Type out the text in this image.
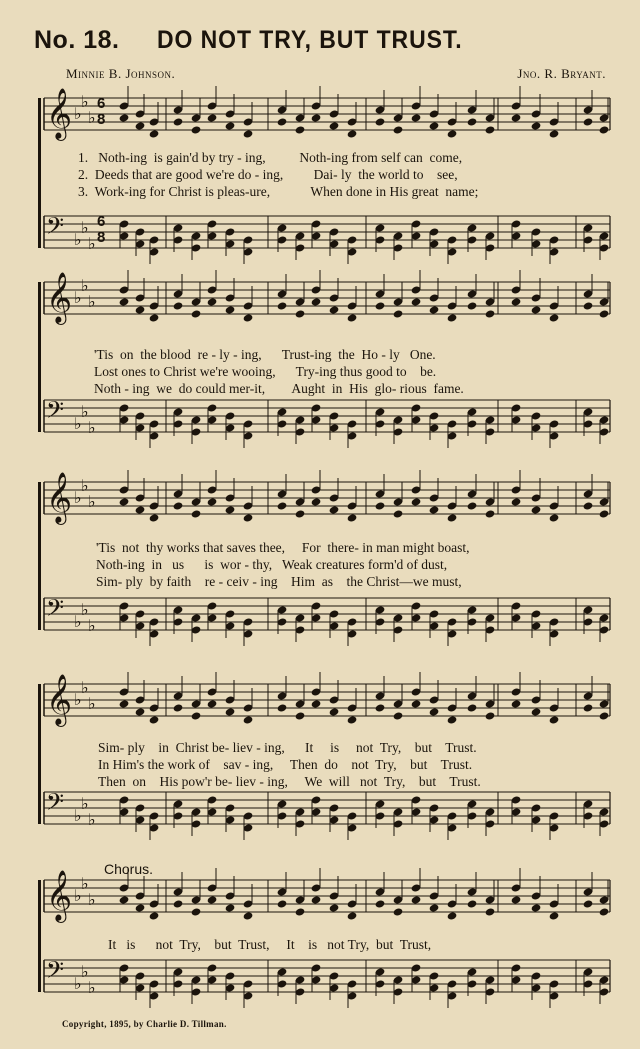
No. 18. DO NOT TRY, BUT TRUST.
Minnie B. Johnson.	Jno. R. Bryant.
𝄞 ♭
♭
♭
𝄢 ♭
♭
♭
1.   Noth-ing  is gain'd by try - ing,          Noth-ing from self can  come,
2.  Deeds that are good we're do - ing,         Dai- ly  the world to    see,
3.  Work-ing for Christ is pleas-ure,            When done in His great  name;
𝄞 ♭
♭
♭
𝄢 ♭
♭
♭
'Tis  on  the blood  re - ly - ing,      Trust-ing  the  Ho - ly   One.
Lost ones to Christ we're wooing,      Try-ing thus good to    be.
Noth - ing  we  do could mer-it,        Aught  in  His  glo- rious  fame.
𝄞 ♭
♭
♭
𝄢 ♭
♭
♭
'Tis  not  thy works that saves thee,     For  there- in man might boast,
Noth-ing  in   us      is  wor - thy,   Weak creatures form'd of dust,
Sim- ply  by faith    re - ceiv - ing    Him  as    the Christ—we must,
𝄞 ♭
♭
♭
𝄢 ♭
♭
♭
Sim- ply    in  Christ be- liev - ing,      It     is     not  Try,    but    Trust.
In Him's the work of    sav - ing,     Then  do    not  Try,    but    Trust.
Then  on    His pow'r be- liev - ing,     We  will   not  Try,    but    Trust.
𝄞 ♭
♭
♭
𝄢 ♭
♭
♭
It   is      not  Try,    but  Trust,     It    is   not Try,  but  Trust,
6
8
6
8
Chorus.
Copyright, 1895, by Charlie D. Tillman.
